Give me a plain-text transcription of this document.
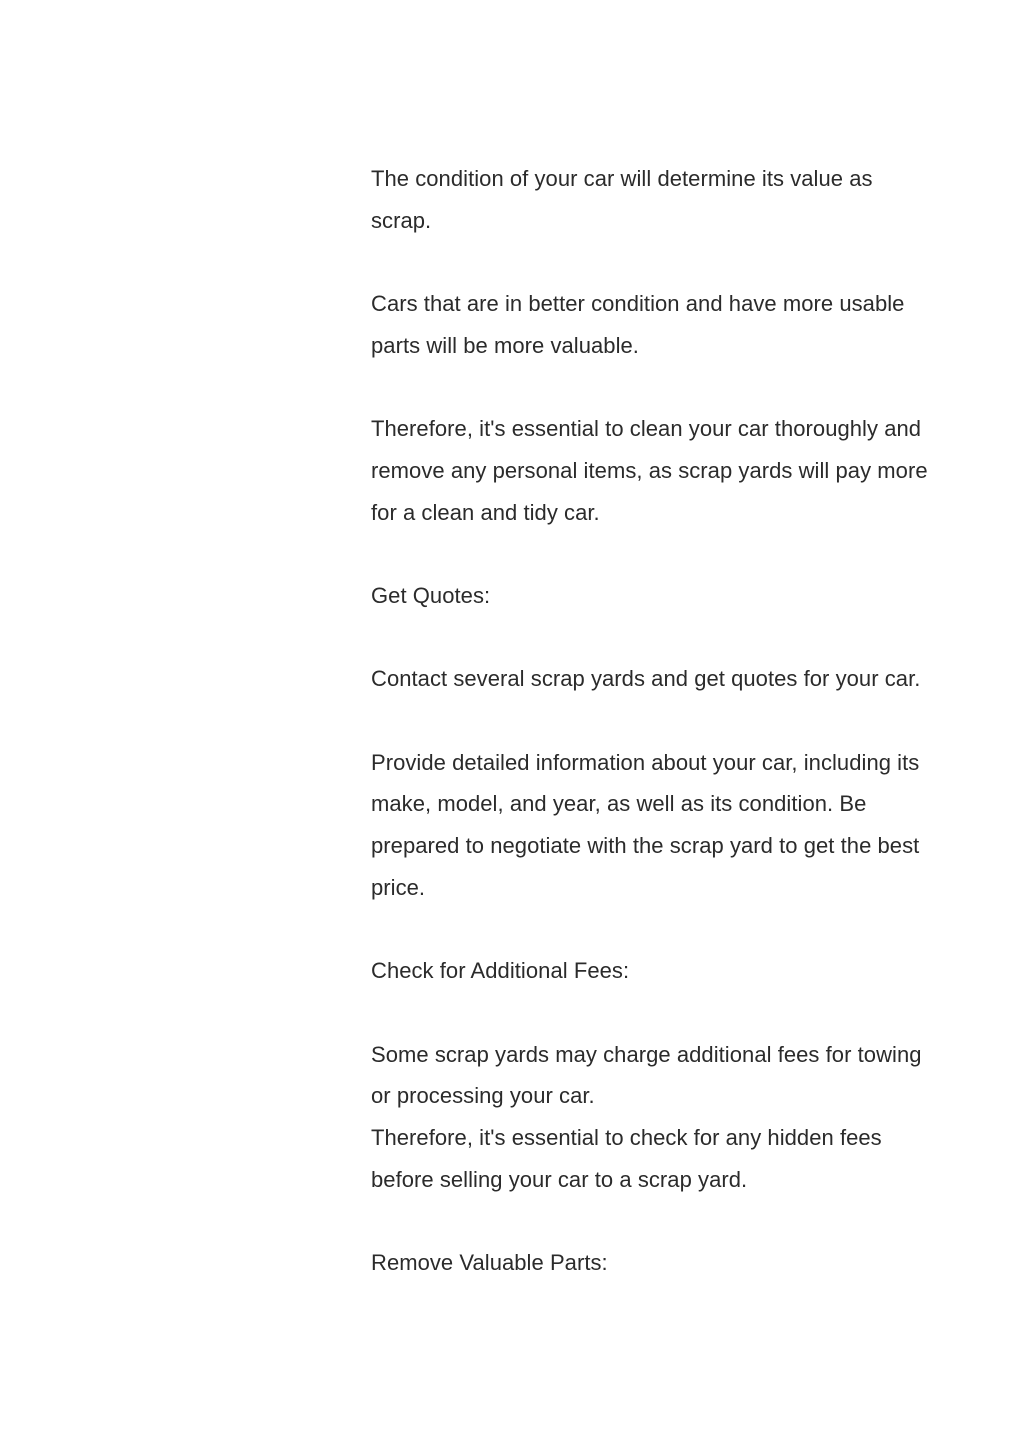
The condition of your car will determine its value as scrap.

Cars that are in better condition and have more usable parts will be more valuable.

Therefore, it's essential to clean your car thoroughly and remove any personal items, as scrap yards will pay more for a clean and tidy car.

Get Quotes:

Contact several scrap yards and get quotes for your car.

Provide detailed information about your car, including its make, model, and year, as well as its condition. Be prepared to negotiate with the scrap yard to get the best price.

Check for Additional Fees:

Some scrap yards may charge additional fees for towing or processing your car.

Therefore, it's essential to check for any hidden fees before selling your car to a scrap yard.

Remove Valuable Parts:
